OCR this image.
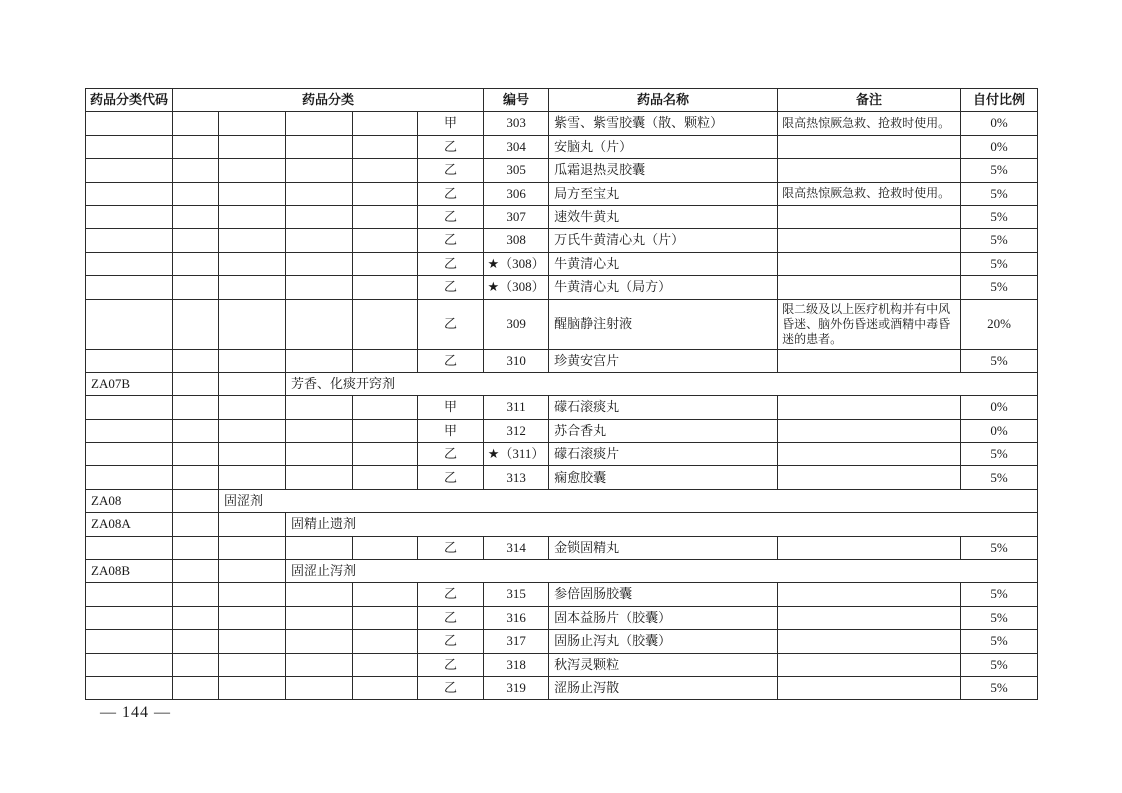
药品分类代码	药品分类					编号	药品名称	备注	自付比例
					甲	303	紫雪、紫雪胶囊（散、颗粒）	限高热惊厥急救、抢救时使用。	0%
					乙	304	安脑丸（片）		0%
					乙	305	瓜霜退热灵胶囊		5%
					乙	306	局方至宝丸	限高热惊厥急救、抢救时使用。	5%
					乙	307	速效牛黄丸		5%
					乙	308	万氏牛黄清心丸（片）		5%
					乙	★（308）	牛黄清心丸		5%
					乙	★（308）	牛黄清心丸（局方）		5%
					乙	309	醒脑静注射液	限二级及以上医疗机构并有中风昏迷、脑外伤昏迷或酒精中毒昏迷的患者。	20%
					乙	310	珍黄安宫片		5%
ZA07B			芳香、化痰开窍剂						
					甲	311	礞石滚痰丸		0%
					甲	312	苏合香丸		0%
					乙	★（311）	礞石滚痰片		5%
					乙	313	痫愈胶囊		5%
ZA08		固涩剂							
ZA08A			固精止遗剂						
					乙	314	金锁固精丸		5%
ZA08B			固涩止泻剂						
					乙	315	参倍固肠胶囊		5%
					乙	316	固本益肠片（胶囊）		5%
					乙	317	固肠止泻丸（胶囊）		5%
					乙	318	秋泻灵颗粒		5%
					乙	319	涩肠止泻散		5%
— 144 —
